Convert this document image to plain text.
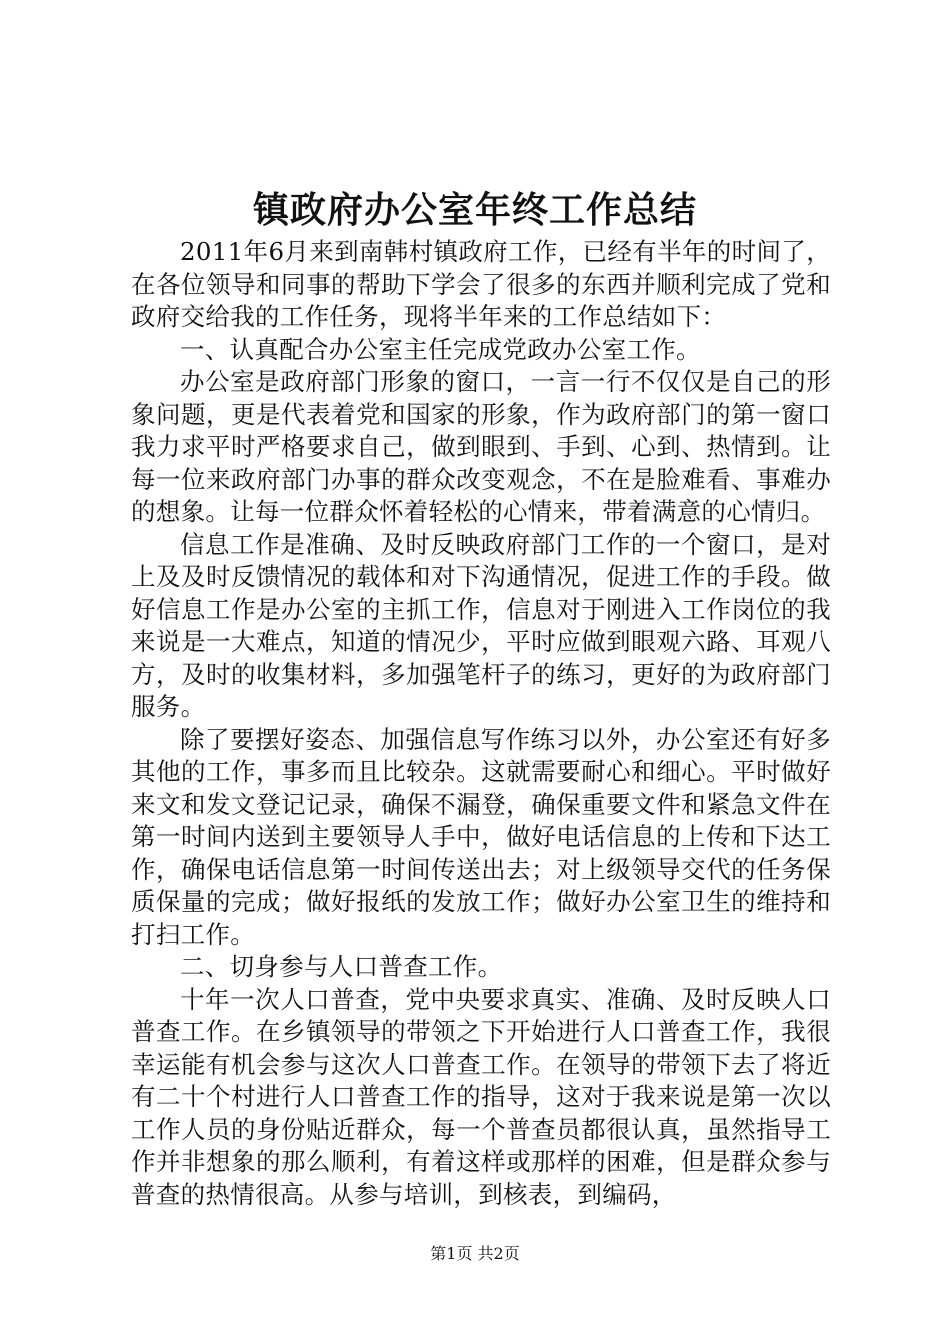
镇政府办公室年终工作总结

2011年6月来到南韩村镇政府工作，已经有半年的时间了，在各位领导和同事的帮助下学会了很多的东西并顺利完成了党和政府交给我的工作任务，现将半年来的工作总结如下：

一、认真配合办公室主任完成党政办公室工作。

办公室是政府部门形象的窗口，一言一行不仅仅是自己的形象问题，更是代表着党和国家的形象，作为政府部门的第一窗口我力求平时严格要求自己，做到眼到、手到、心到、热情到。让每一位来政府部门办事的群众改变观念，不在是脸难看、事难办的想象。让每一位群众怀着轻松的心情来，带着满意的心情归。

信息工作是准确、及时反映政府部门工作的一个窗口，是对上及及时反馈情况的载体和对下沟通情况，促进工作的手段。做好信息工作是办公室的主抓工作，信息对于刚进入工作岗位的我来说是一大难点，知道的情况少，平时应做到眼观六路、耳观八方，及时的收集材料，多加强笔杆子的练习，更好的为政府部门服务。

除了要摆好姿态、加强信息写作练习以外，办公室还有好多其他的工作，事多而且比较杂。这就需要耐心和细心。平时做好来文和发文登记记录，确保不漏登，确保重要文件和紧急文件在第一时间内送到主要领导人手中，做好电话信息的上传和下达工作，确保电话信息第一时间传送出去；对上级领导交代的任务保质保量的完成；做好报纸的发放工作；做好办公室卫生的维持和打扫工作。

二、切身参与人口普查工作。

十年一次人口普查，党中央要求真实、准确、及时反映人口普查工作。在乡镇领导的带领之下开始进行人口普查工作，我很幸运能有机会参与这次人口普查工作。在领导的带领下去了将近有二十个村进行人口普查工作的指导，这对于我来说是第一次以工作人员的身份贴近群众，每一个普查员都很认真，虽然指导工作并非想象的那么顺利，有着这样或那样的困难，但是群众参与普查的热情很高。从参与培训，到核表，到编码，

第1页 共2页
